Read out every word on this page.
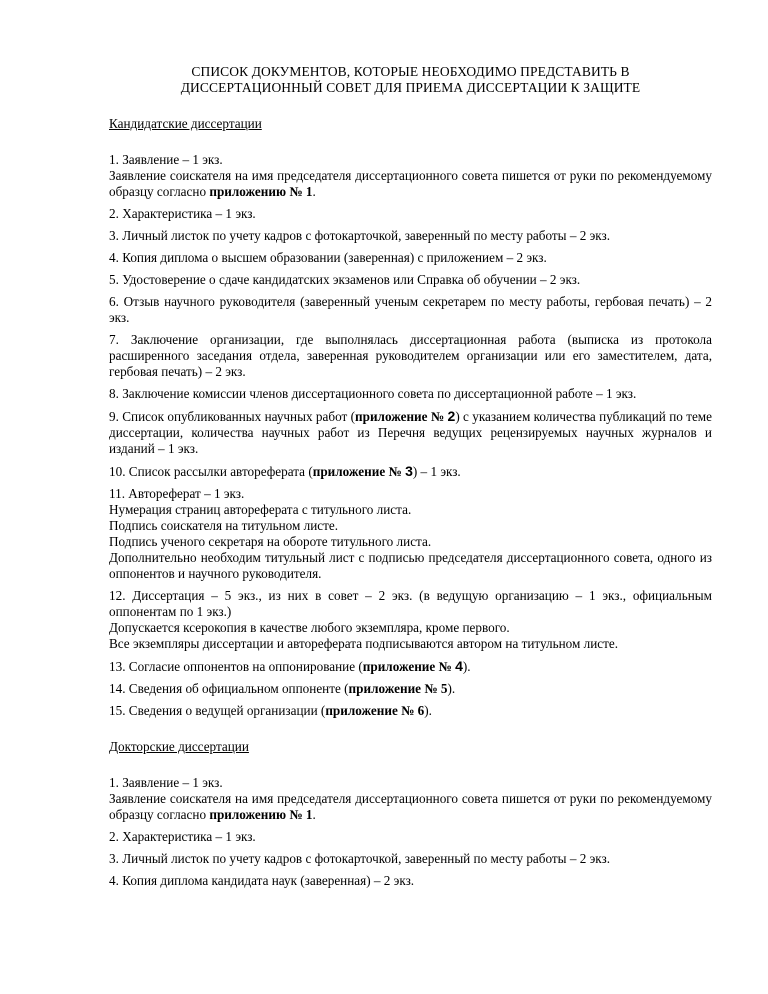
СПИСОК ДОКУМЕНТОВ, КОТОРЫЕ НЕОБХОДИМО ПРЕДСТАВИТЬ В
ДИССЕРТАЦИОННЫЙ СОВЕТ ДЛЯ ПРИЕМА ДИССЕРТАЦИИ К ЗАЩИТЕ
Кандидатские диссертации
1. Заявление – 1 экз.
Заявление соискателя на имя председателя диссертационного совета пишется от руки по рекомендуемому образцу согласно приложению № 1.
2. Характеристика – 1 экз.
3. Личный листок по учету кадров с фотокарточкой, заверенный по месту работы – 2 экз.
4. Копия диплома о высшем образовании (заверенная) с приложением – 2 экз.
5. Удостоверение о сдаче кандидатских экзаменов или Справка об обучении – 2 экз.
6. Отзыв научного руководителя (заверенный ученым секретарем по месту работы, гербовая печать) – 2 экз.
7. Заключение организации, где выполнялась диссертационная работа (выписка из протокола расширенного заседания отдела, заверенная руководителем организации или его заместителем, дата, гербовая печать) – 2 экз.
8. Заключение комиссии членов диссертационного совета по диссертационной работе – 1 экз.
9. Список опубликованных научных работ (приложение № 2) с указанием количества публикаций по теме диссертации, количества научных работ из Перечня ведущих рецензируемых научных журналов и изданий – 1 экз.
10. Список рассылки автореферата (приложение № 3) – 1 экз.
11. Автореферат – 1 экз.
Нумерация страниц автореферата с титульного листа.
Подпись соискателя на титульном листе.
Подпись ученого секретаря на обороте титульного листа.
Дополнительно необходим титульный лист с подписью председателя диссертационного совета, одного из оппонентов и научного руководителя.
12. Диссертация – 5 экз., из них в совет – 2 экз. (в ведущую организацию – 1 экз., официальным оппонентам по 1 экз.)
Допускается ксерокопия в качестве любого экземпляра, кроме первого.
Все экземпляры диссертации и автореферата подписываются автором на титульном листе.
13. Согласие оппонентов на оппонирование (приложение № 4).
14. Сведения об официальном оппоненте (приложение № 5).
15. Сведения о ведущей организации (приложение № 6).
Докторские диссертации
1. Заявление – 1 экз.
Заявление соискателя на имя председателя диссертационного совета пишется от руки по рекомендуемому образцу согласно приложению № 1.
2. Характеристика – 1 экз.
3. Личный листок по учету кадров с фотокарточкой, заверенный по месту работы – 2 экз.
4. Копия диплома кандидата наук (заверенная) – 2 экз.
